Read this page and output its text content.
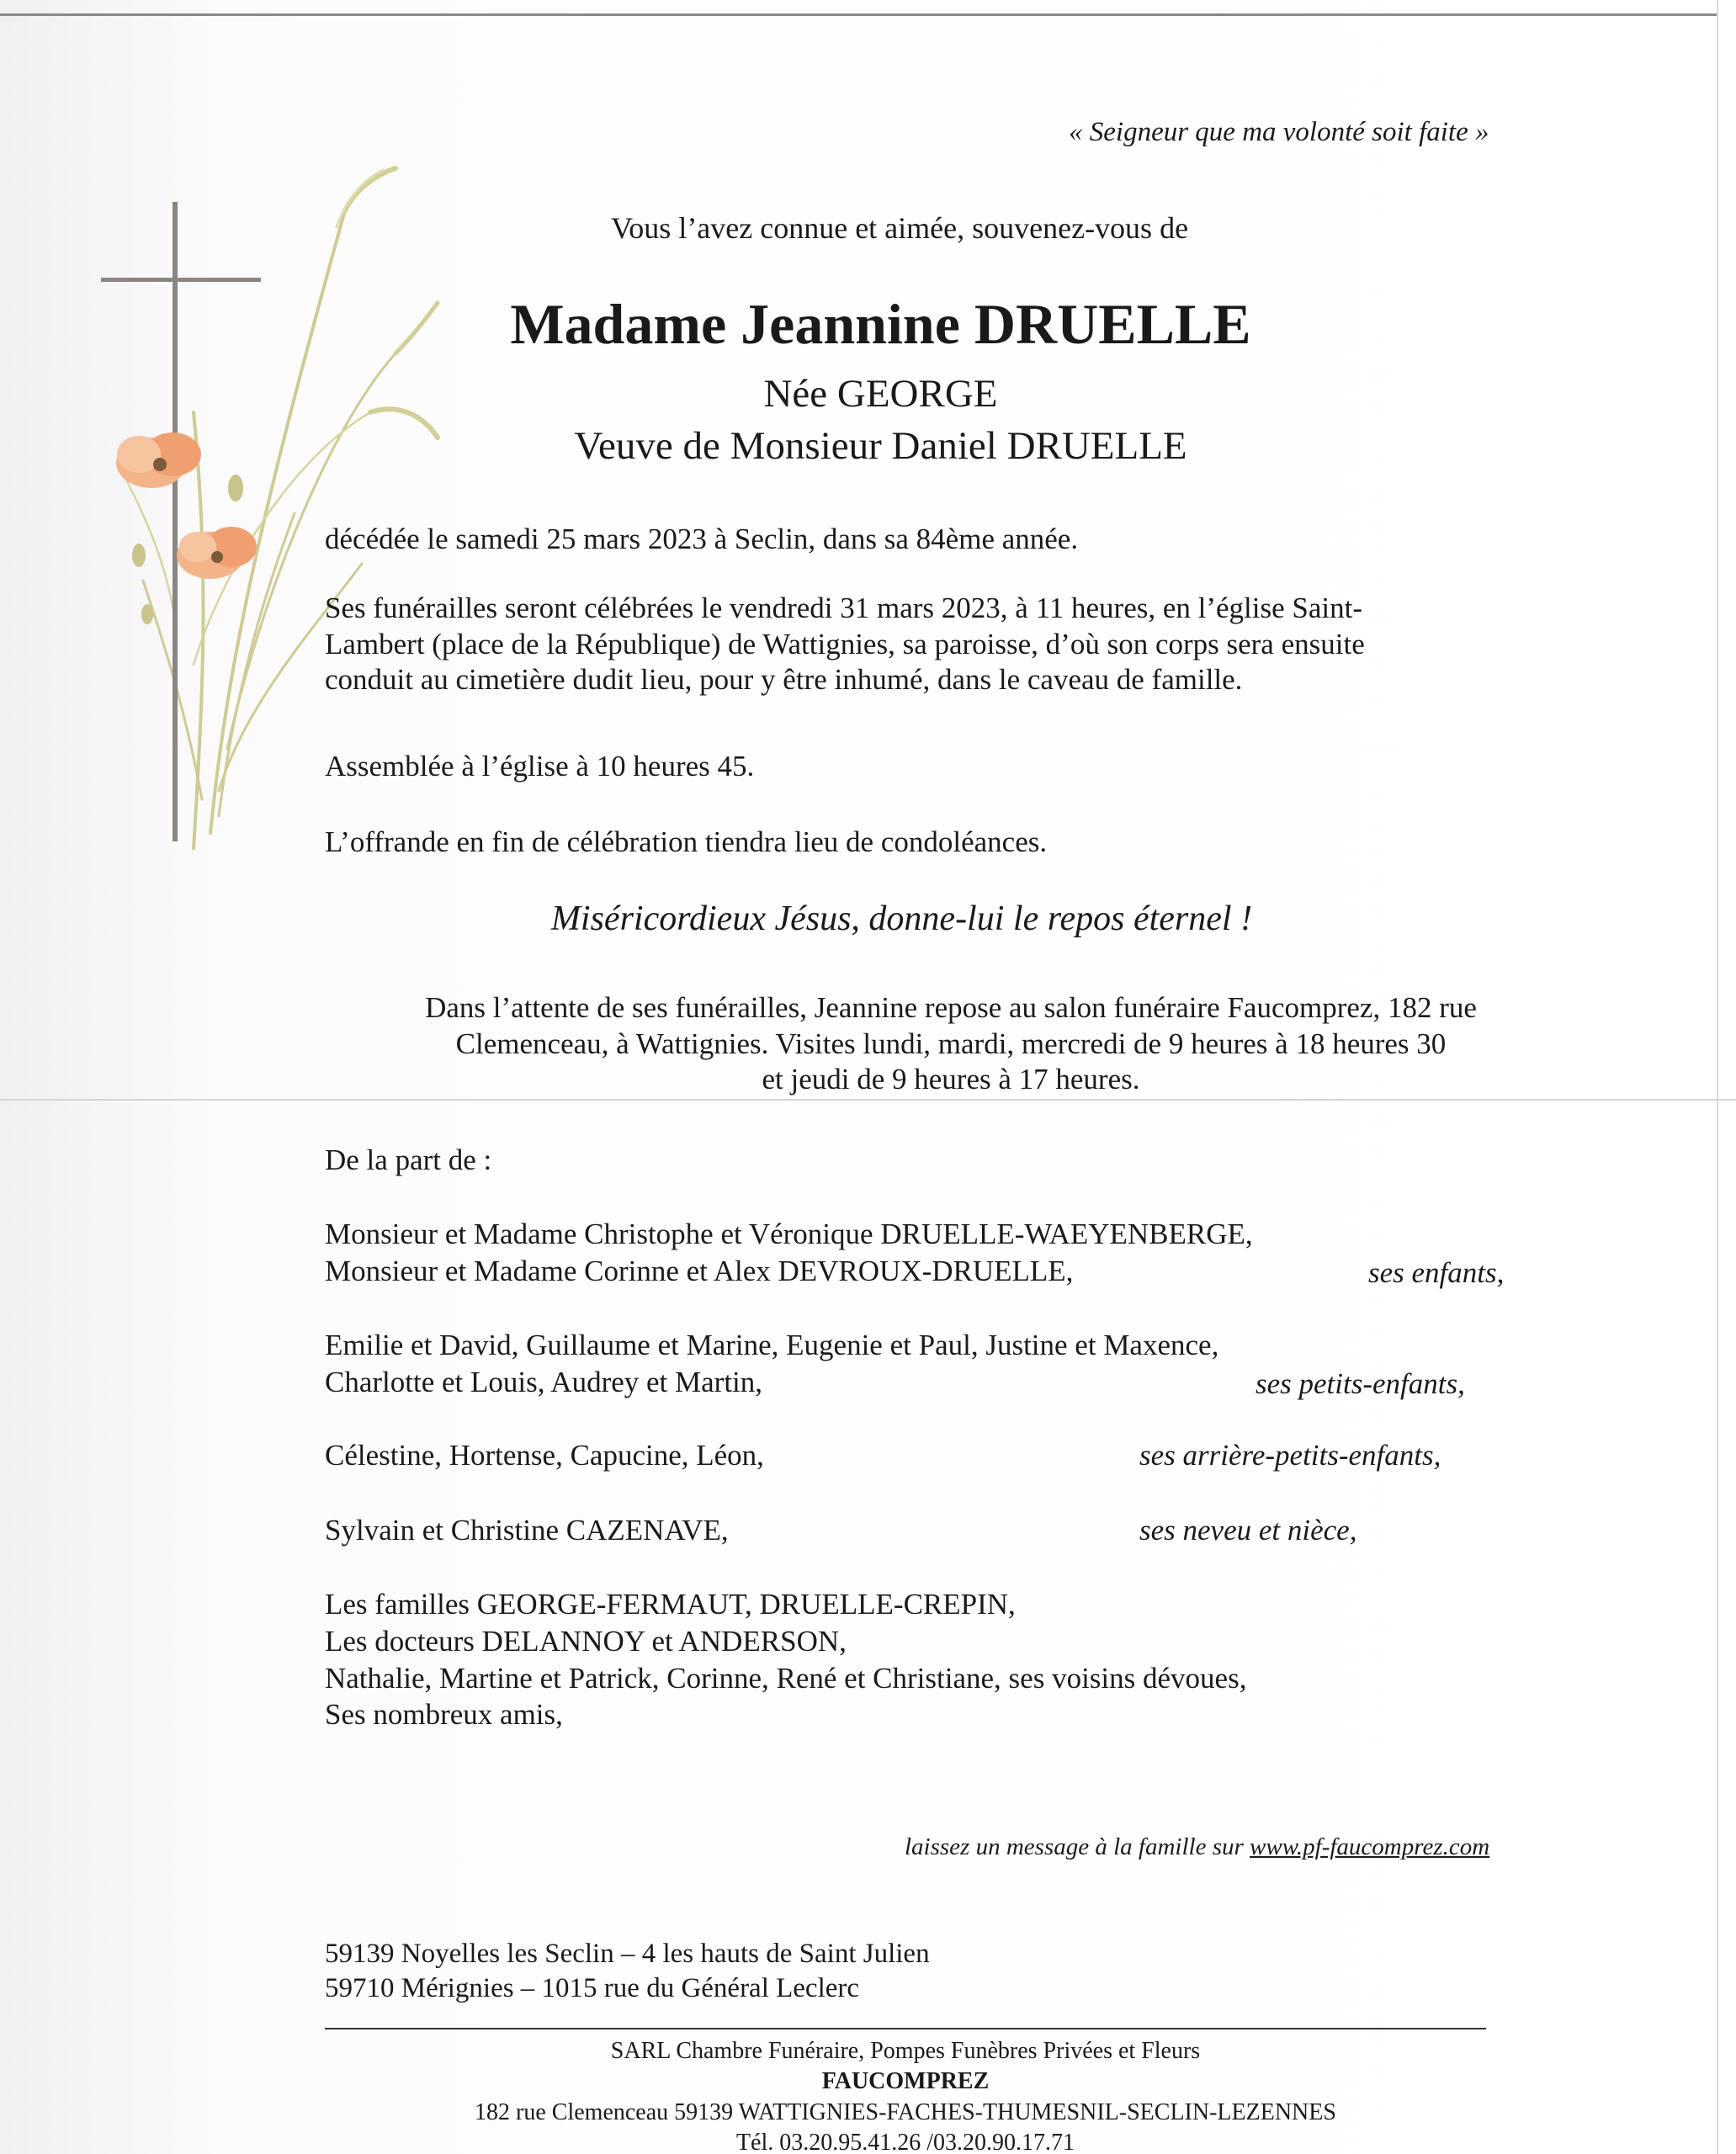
« Seigneur que ma volonté soit faite »

Vous l’avez connue et aimée, souvenez-vous de

Madame Jeannine DRUELLE

Née GEORGE

Veuve de Monsieur Daniel DRUELLE

décédée le samedi 25 mars 2023 à Seclin, dans sa 84ème année.

Ses funérailles seront célébrées le vendredi 31 mars 2023, à 11 heures, en l’église Saint-
Lambert (place de la République) de Wattignies, sa paroisse, d’où son corps sera ensuite
conduit au cimetière dudit lieu, pour y être inhumé, dans le caveau de famille.

Assemblée à l’église à 10 heures 45.

L’offrande en fin de célébration tiendra lieu de condoléances.

Miséricordieux Jésus, donne-lui le repos éternel !

Dans l’attente de ses funérailles, Jeannine repose au salon funéraire Faucomprez, 182 rue
Clemenceau, à Wattignies. Visites lundi, mardi, mercredi de 9 heures à 18 heures 30
et jeudi de 9 heures à 17 heures.

De la part de :

Monsieur et Madame Christophe et Véronique DRUELLE-WAEYENBERGE,
Monsieur et Madame Corinne et Alex DEVROUX-DRUELLE,	ses enfants,
Emilie et David, Guillaume et Marine, Eugenie et Paul, Justine et Maxence,
Charlotte et Louis, Audrey et Martin,	ses petits-enfants,
Célestine, Hortense, Capucine, Léon,	ses arrière-petits-enfants,
Sylvain et Christine CAZENAVE,	ses neveu et nièce,
Les familles GEORGE-FERMAUT, DRUELLE-CREPIN,
Les docteurs DELANNOY et ANDERSON,
Nathalie, Martine et Patrick, Corinne, René et Christiane, ses voisins dévoues,
Ses nombreux amis,

laissez un message à la famille sur www.pf-faucomprez.com

59139 Noyelles les Seclin – 4 les hauts de Saint Julien
59710 Mérignies – 1015 rue du Général Leclerc
SARL Chambre Funéraire, Pompes Funèbres Privées et Fleurs
FAUCOMPREZ
182 rue Clemenceau 59139 WATTIGNIES-FACHES-THUMESNIL-SECLIN-LEZENNES
Tél. 03.20.95.41.26 /03.20.90.17.71
